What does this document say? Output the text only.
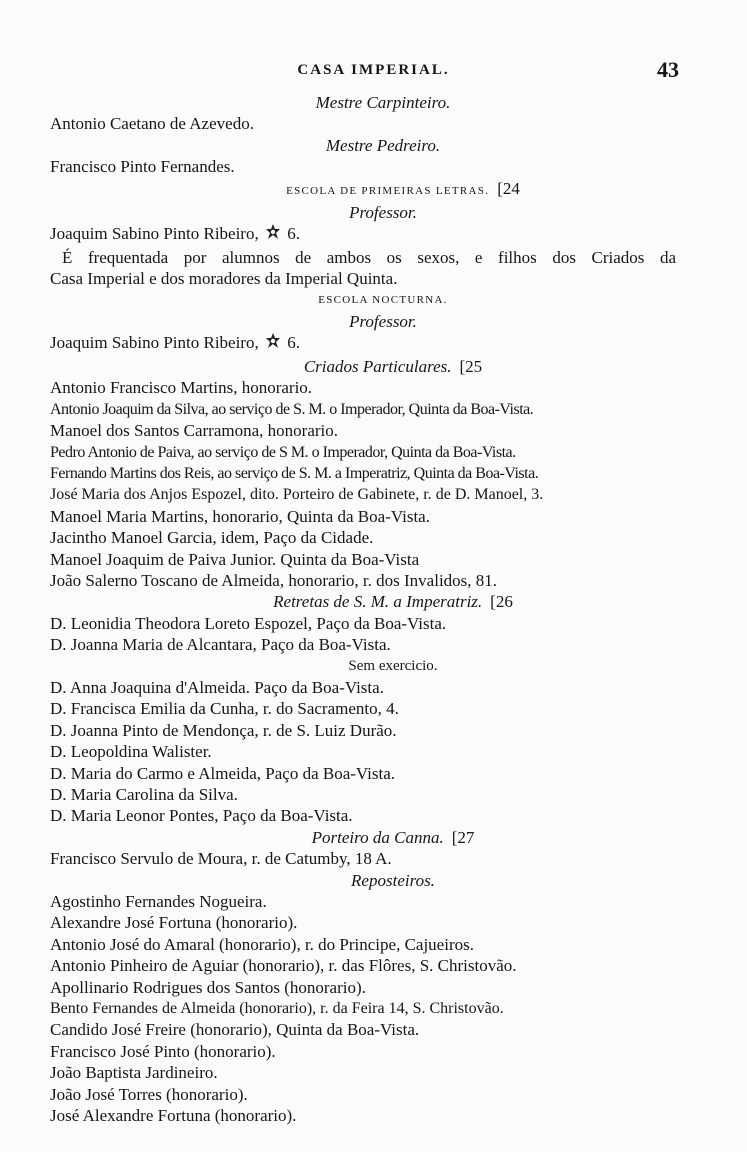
CASA IMPERIAL.	43
Mestre Carpinteiro.
Antonio Caetano de Azevedo.
Mestre Pedreiro.
Francisco Pinto Fernandes.
ESCOLA DE PRIMEIRAS LETRAS. [24
Professor.
Joaquim Sabino Pinto Ribeiro, 6.
É frequentada por alumnos de ambos os sexos, e filhos dos Criados da
Casa Imperial e dos moradores da Imperial Quinta.
ESCOLA NOCTURNA.
Professor.
Joaquim Sabino Pinto Ribeiro, 6.
Criados Particulares. [25
Antonio Francisco Martins, honorario.
Antonio Joaquim da Silva, ao serviço de S. M. o Imperador, Quinta da Boa-Vista.
Manoel dos Santos Carramona, honorario.
Pedro Antonio de Paiva, ao serviço de S M. o Imperador, Quinta da Boa-Vista.
Fernando Martins dos Reis, ao serviço de S. M. a Imperatriz, Quinta da Boa-Vista.
José Maria dos Anjos Espozel, dito. Porteiro de Gabinete, r. de D. Manoel, 3.
Manoel Maria Martins, honorario, Quinta da Boa-Vista.
Jacintho Manoel Garcia, idem, Paço da Cidade.
Manoel Joaquim de Paiva Junior. Quinta da Boa-Vista
João Salerno Toscano de Almeida, honorario, r. dos Invalidos, 81.
Retretas de S. M. a Imperatriz. [26
D. Leonidia Theodora Loreto Espozel, Paço da Boa-Vista.
D. Joanna Maria de Alcantara, Paço da Boa-Vista.
Sem exercicio.
D. Anna Joaquina d'Almeida. Paço da Boa-Vista.
D. Francisca Emilia da Cunha, r. do Sacramento, 4.
D. Joanna Pinto de Mendonça, r. de S. Luiz Durão.
D. Leopoldina Walister.
D. Maria do Carmo e Almeida, Paço da Boa-Vista.
D. Maria Carolina da Silva.
D. Maria Leonor Pontes, Paço da Boa-Vista.
Porteiro da Canna. [27
Francisco Servulo de Moura, r. de Catumby, 18 A.
Reposteiros.
Agostinho Fernandes Nogueira.
Alexandre José Fortuna (honorario).
Antonio José do Amaral (honorario), r. do Principe, Cajueiros.
Antonio Pinheiro de Aguiar (honorario), r. das Flôres, S. Christovão.
Apollinario Rodrigues dos Santos (honorario).
Bento Fernandes de Almeida (honorario), r. da Feira 14, S. Christovão.
Candido José Freire (honorario), Quinta da Boa-Vista.
Francisco José Pinto (honorario).
João Baptista Jardineiro.
João José Torres (honorario).
José Alexandre Fortuna (honorario).
